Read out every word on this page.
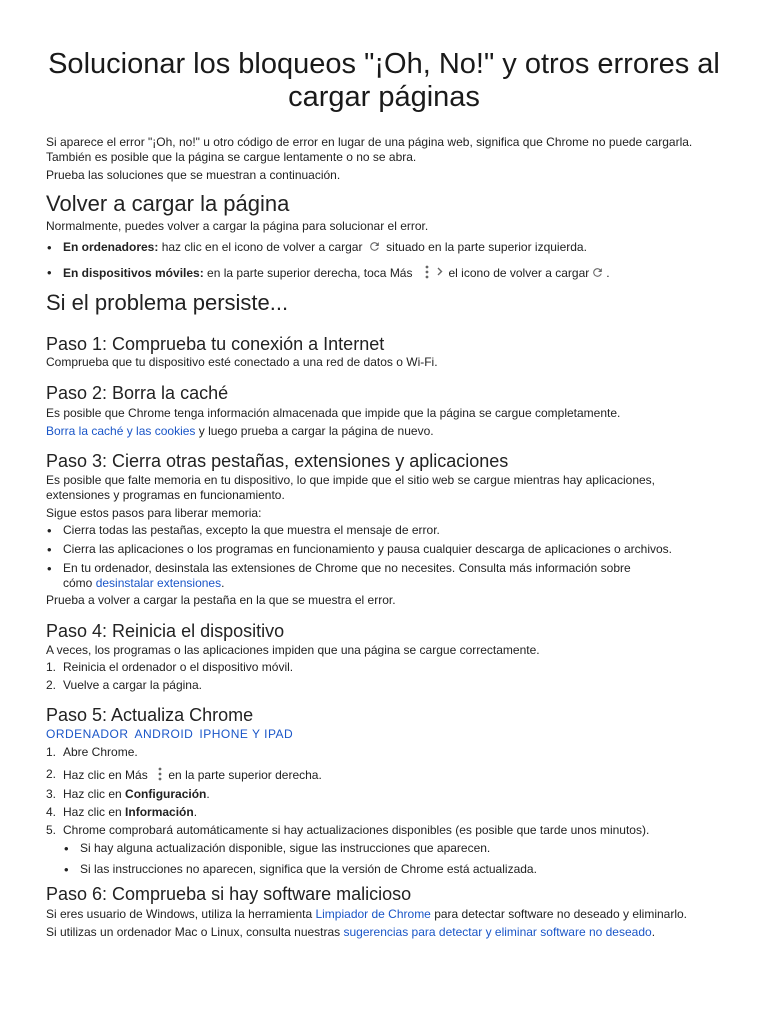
Solucionar los bloqueos "¡Oh, No!" y otros errores al cargar páginas

Si aparece el error "¡Oh, no!" u otro código de error en lugar de una página web, significa que Chrome no puede cargarla.

También es posible que la página se cargue lentamente o no se abra.

Prueba las soluciones que se muestran a continuación.

Volver a cargar la página

Normalmente, puedes volver a cargar la página para solucionar el error.

• En ordenadores: haz clic en el icono de volver a cargar  situado en la parte superior izquierda.
• En dispositivos móviles: en la parte superior derecha, toca Más	el icono de volver a cargar .
Si el problema persiste...
Paso 1: Comprueba tu conexión a Internet

Comprueba que tu dispositivo esté conectado a una red de datos o Wi-Fi.

Paso 2: Borra la caché

Es posible que Chrome tenga información almacenada que impide que la página se cargue completamente.

Borra la caché y las cookies y luego prueba a cargar la página de nuevo.

Paso 3: Cierra otras pestañas, extensiones y aplicaciones

Es posible que falte memoria en tu dispositivo, lo que impide que el sitio web se cargue mientras hay aplicaciones,

extensiones y programas en funcionamiento.

Sigue estos pasos para liberar memoria:

• Cierra todas las pestañas, excepto la que muestra el mensaje de error.
• Cierra las aplicaciones o los programas en funcionamiento y pausa cualquier descarga de aplicaciones o archivos.
• En tu ordenador, desinstala las extensiones de Chrome que no necesites. Consulta más información sobre
cómo desinstalar extensiones.

Prueba a volver a cargar la pestaña en la que se muestra el error.

Paso 4: Reinicia el dispositivo

A veces, los programas o las aplicaciones impiden que una página se cargue correctamente.

1. Reinicia el ordenador o el dispositivo móvil.
2. Vuelve a cargar la página.
Paso 5: Actualiza Chrome
ORDENADOR ANDROID IPHONE Y IPAD
1. Abre Chrome.
2. Haz clic en Más  en la parte superior derecha.
3. Haz clic en Configuración.
4. Haz clic en Información.
5. Chrome comprobará automáticamente si hay actualizaciones disponibles (es posible que tarde unos minutos).
• Si hay alguna actualización disponible, sigue las instrucciones que aparecen.
• Si las instrucciones no aparecen, significa que la versión de Chrome está actualizada.
Paso 6: Comprueba si hay software malicioso

Si eres usuario de Windows, utiliza la herramienta Limpiador de Chrome para detectar software no deseado y eliminarlo.

Si utilizas un ordenador Mac o Linux, consulta nuestras sugerencias para detectar y eliminar software no deseado.
